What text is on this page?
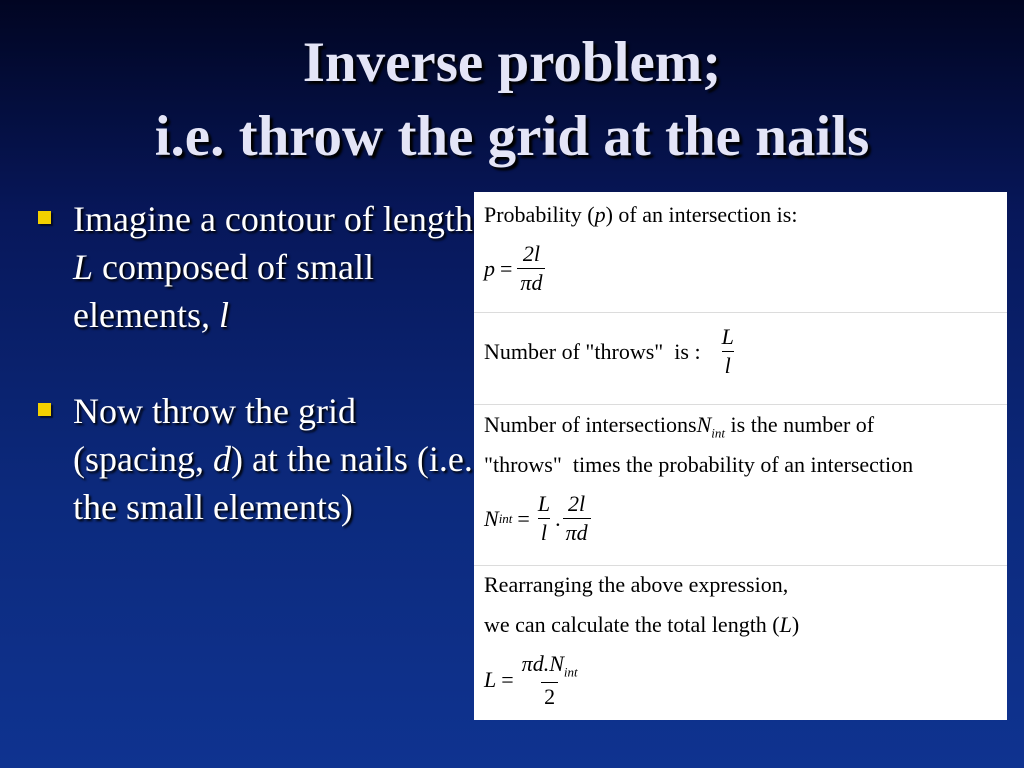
Inverse problem;
i.e. throw the grid at the nails
Imagine a contour of length L composed of small elements, l
Now throw the grid (spacing, d) at the nails (i.e. the small elements)
Probability (p) of an intersection is:
$p = \frac{2l}{\pi d}$
Number of "throws"  is : $\frac{L}{l}$
Number of intersectionsN$_{int}$ is the number of
"throws"  times the probability of an intersection
N int = $\frac{L}{l}$ . $\frac{2l}{\pi d}$
Rearranging the above expression,
we can calculate the total length (L)
$L = \frac{\pi d.N_{int}}{2}$
